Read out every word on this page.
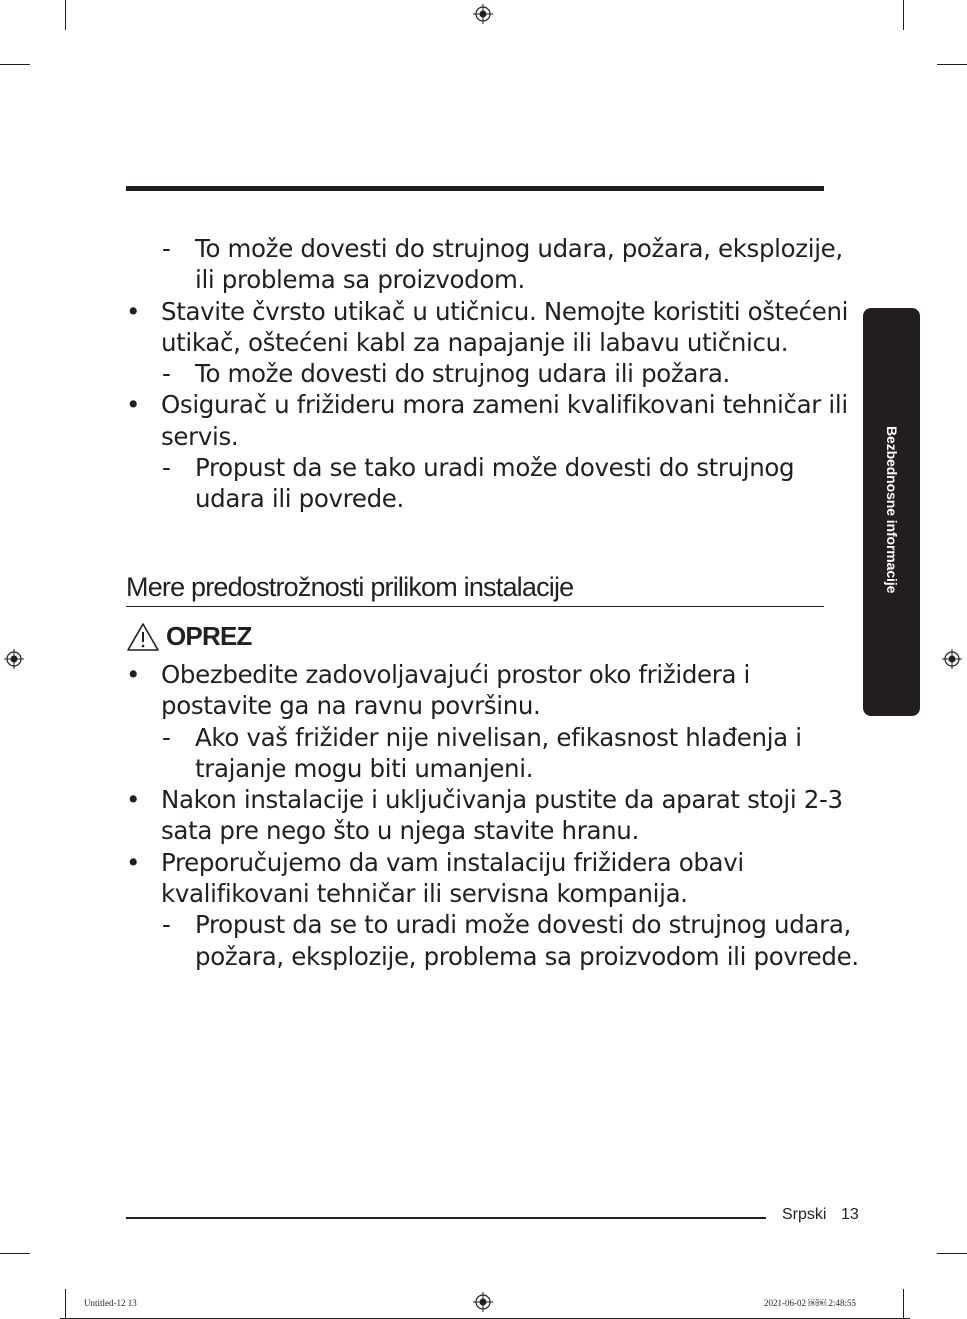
- To može dovesti do strujnog udara, požara, eksplozije,
ili problema sa proizvodom.
• Stavite čvrsto utikač u utičnicu. Nemojte koristiti oštećeni
utikač, oštećeni kabl za napajanje ili labavu utičnicu.
- To može dovesti do strujnog udara ili požara.
• Osigurač u frižideru mora zameni kvalifikovani tehničar ili
servis.
- Propust da se tako uradi može dovesti do strujnog
udara ili povrede.
Mere predostrožnosti prilikom instalacije
OPREZ
• Obezbedite zadovoljavajući prostor oko frižidera i
postavite ga na ravnu površinu.
- Ako vaš frižider nije nivelisan, efikasnost hlađenja i
trajanje mogu biti umanjeni.
• Nakon instalacije i uključivanja pustite da aparat stoji 2-3
sata pre nego što u njega stavite hranu.
• Preporučujemo da vam instalaciju frižidera obavi
kvalifikovani tehničar ili servisna kompanija.
- Propust da se to uradi može dovesti do strujnog udara,
požara, eksplozije, problema sa proizvodom ili povrede.
Bezbednosne informacije
Srpski 13
Untitled-12 13	2021-06-02 ￼￼ 2:48:55
